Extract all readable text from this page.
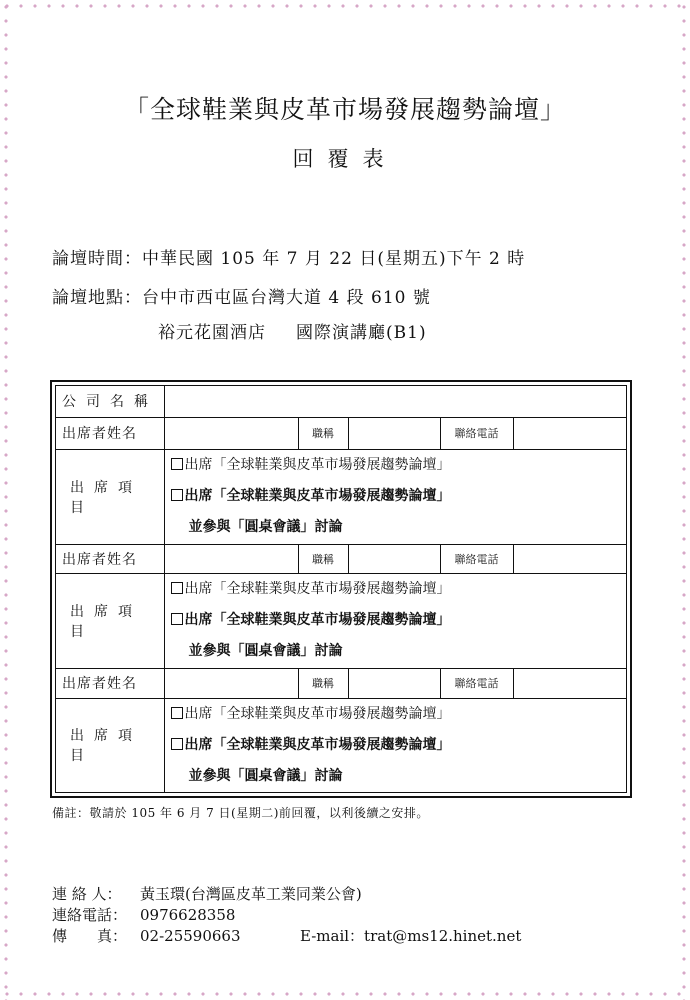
「全球鞋業與皮革市場發展趨勢論壇」
回覆表
論壇時間：中華民國 105 年 7 月 22 日(星期五)下午 2 時
論壇地點：台中市西屯區台灣大道 4 段 610 號
裕元花園酒店 國際演講廳(B1)
公司名稱					
出席者姓名		職稱		聯絡電話	
出席項目	出席「全球鞋業與皮革市場發展趨勢論壇」
出席「全球鞋業與皮革市場發展趨勢論壇」
並參與「圓桌會議」討論				

出席者姓名		職稱		聯絡電話	
出席項目	出席「全球鞋業與皮革市場發展趨勢論壇」
出席「全球鞋業與皮革市場發展趨勢論壇」
並參與「圓桌會議」討論				

出席者姓名		職稱		聯絡電話	
出席項目	出席「全球鞋業與皮革市場發展趨勢論壇」
出席「全球鞋業與皮革市場發展趨勢論壇」
並參與「圓桌會議」討論				
備註：敬請於 105 年 6 月 7 日(星期二)前回覆，以利後續之安排。
連 絡 人： 黃玉環(台灣區皮革工業同業公會)
連絡電話： 0976628358
傳　　真： 02-25590663	E-mail：trat@ms12.hinet.net
